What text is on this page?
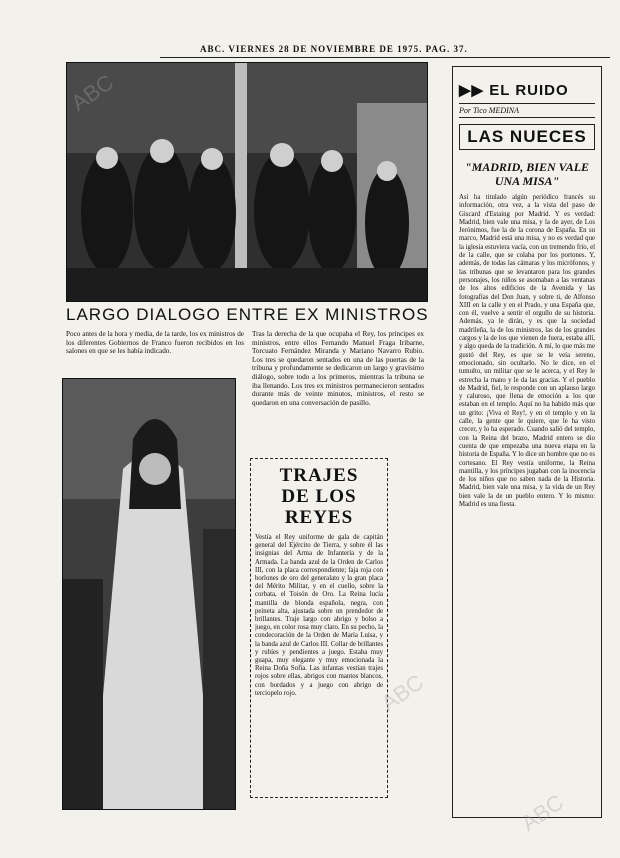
ABC. VIERNES 28 DE NOVIEMBRE DE 1975. PAG. 37.
LARGO DIALOGO ENTRE EX MINISTROS
Poco antes de la hora y media, de la tarde, los ex ministros de los diferentes Gobiernos de Franco fueron recibidos en los salones en que se les había indicado.
Tras la derecha de la que ocupaba el Rey, los príncipes ex ministros, entre ellos Fernando Manuel Fraga Iribarne, Torcuato Fernández Miranda y Mariano Navarro Rubio. Los tres se quedaron sentados en una de las puertas de la tribuna y profundamente se dedicaron un largo y gravísimo diálogo, sobre todo a los primeros, mientras la tribuna se iba llenando. Los tres ex ministros permanecieron sentados durante más de veinte minutos, ministros, el resto se quedaron en una conversación de pasillo.
TRAJES
DE LOS REYES
Vestía el Rey uniforme de gala de capitán general del Ejército de Tierra, y sobre él las insignias del Arma de Infantería y de la Armada. La banda azul de la Orden de Carlos III, con la placa correspondiente; faja roja con borlones de oro del generalato y la gran placa del Mérito Militar, y en el cuello, sobre la corbata, el Toisón de Oro. La Reina lucía mantilla de blonda española, negra, con peineta alta, ajustada sobre un prendedor de brillantes. Traje largo con abrigo y bolso a juego, en color rosa muy claro. En su pecho, la condecoración de la Orden de María Luisa, y la banda azul de Carlos III. Collar de brillantes y rubíes y pendientes a juego. Estaba muy guapa, muy elegante y muy emocionada la Reina Doña Sofía. Las infantas vestían trajes rojos sobre ellas, abrigos con mantos blancos, con bordados y a juego con abrigo de terciopelo rojo.
▶▶ EL RUIDO
Por Tico MEDINA
LAS NUECES
"MADRID, BIEN VALE
UNA MISA"
Así ha titulado algún periódico francés su información, otra vez, a la vista del paso de Giscard d'Estaing por Madrid. Y es verdad: Madrid, bien vale una misa, y la de ayer, de Los Jerónimos, fue la de la corona de España. En su marco, Madrid está una misa, y no es verdad que la iglesia estuviera vacía, con un tremendo frío, el de la calle, que se colaba por los portones. Y, además, de todas las cámaras y los micrófonos, y las tribunas que se levantaron para los grandes personajes, los niños se asomaban a las ventanas de los altos edificios de la Avenida y las fotografías del Don Juan, y sobre ti, de Alfonso XIII en la calle y en el Prado, y una España que, con él, vuelve a sentir el orgullo de su historia. Además, ya le dirán, y es que la sociedad madrileña, la de los ministros, las de los grandes cargos y la de los que vienen de fuera, estaba allí, y algo queda de la tradición. A mí, lo que más me gustó del Rey, es que se le veía sereno, emocionado, sin ocultarlo. No le dice, en el tumulto, un militar que se le acerca, y el Rey le estrecha la mano y le da las gracias. Y el pueblo de Madrid, fiel, le responde con un aplauso largo y caluroso, que llena de emoción a los que estaban en el templo. Aquí no ha habido más que un grito: ¡Viva el Rey!, y en el templo y en la calle, la gente que le quiere, que le ha visto crecer, y lo ha esperado. Cuando salió del templo, con la Reina del brazo, Madrid entero se dio cuenta de que empezaba una nueva etapa en la historia de España. Y lo dice un hombre que no es cortesano. El Rey vestía uniforme, la Reina mantilla, y los príncipes jugaban con la inocencia de los niños que no saben nada de la Historia. Madrid, bien vale una misa, y la vida de un Rey bien vale la de un pueblo entero. Y lo mismo: Madrid es una fiesta.
ABC
ABC
ABC
